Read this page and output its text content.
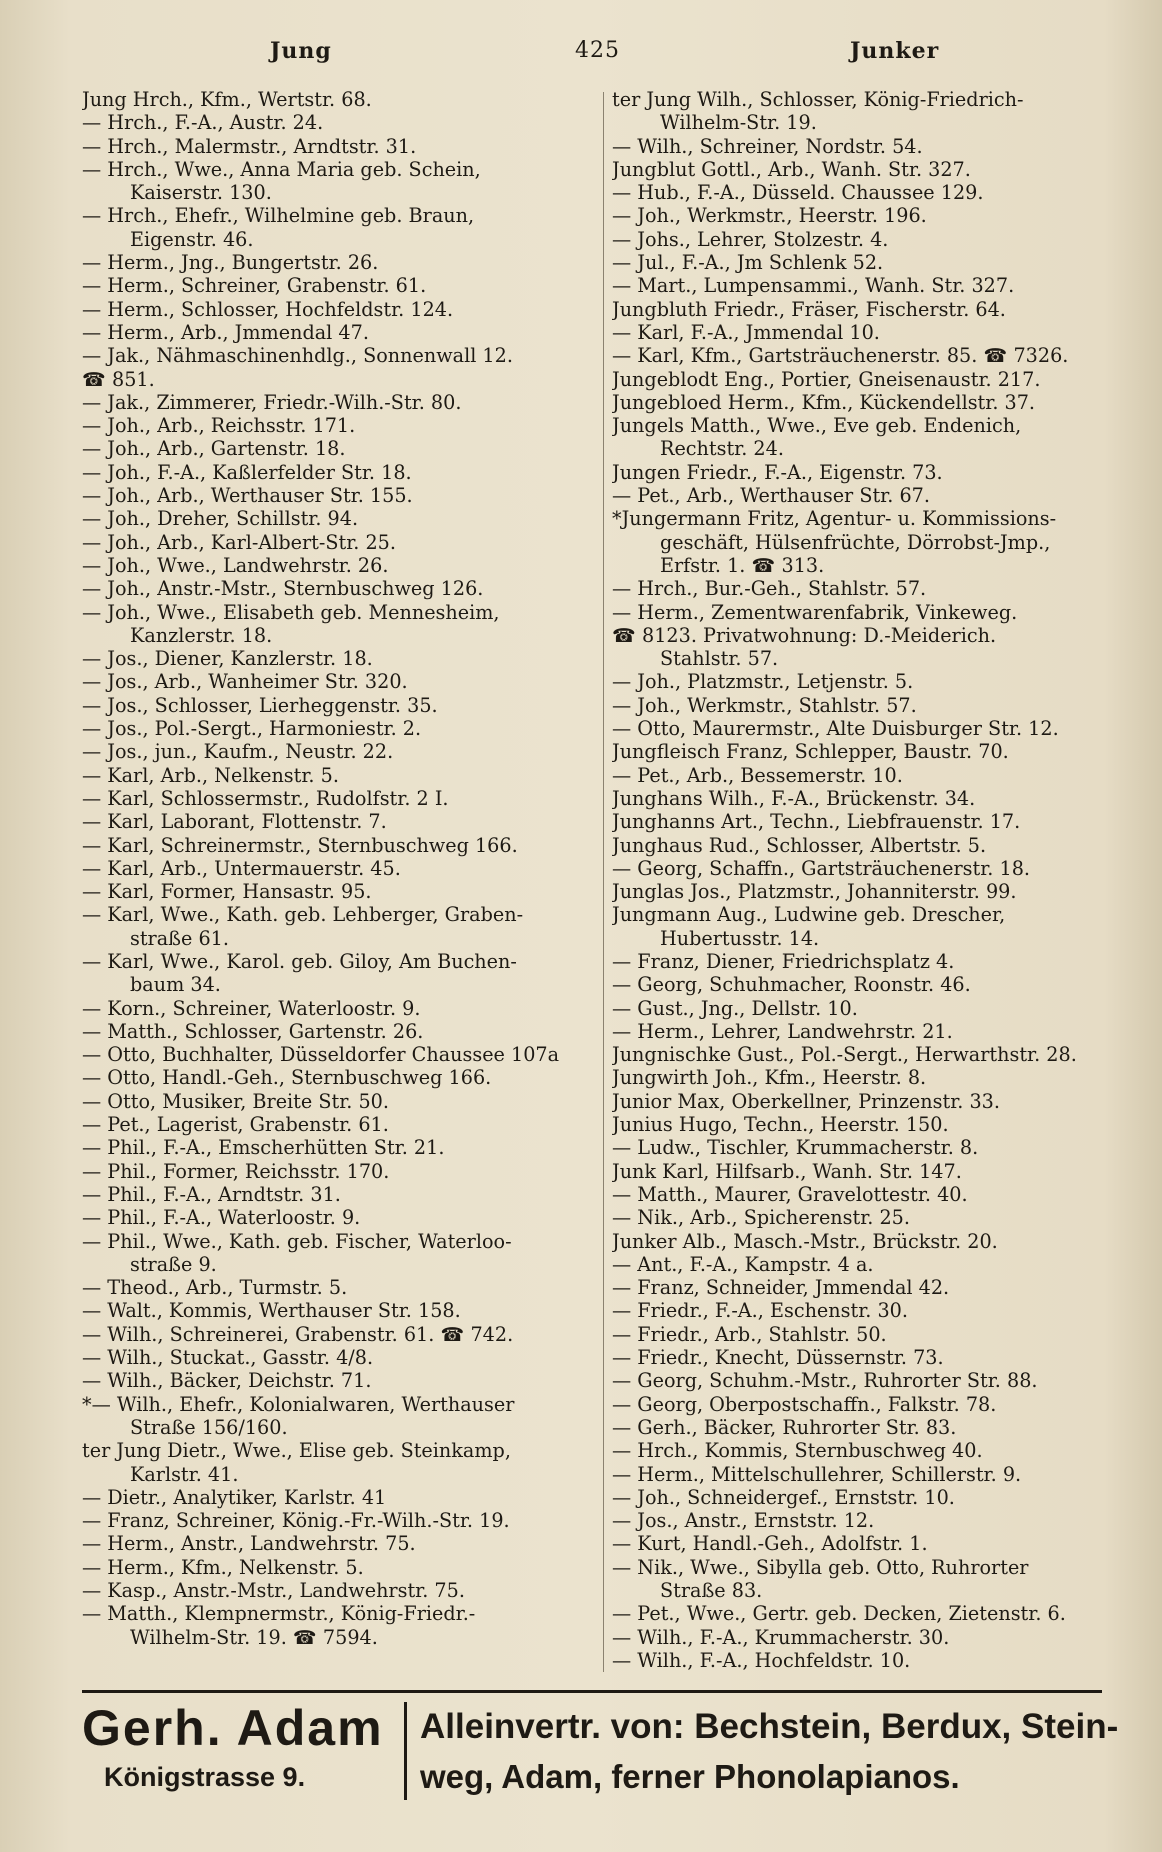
Jung	425	Junker
Jung Hrch., Kfm., Wertstr. 68.
— Hrch., F.-A., Austr. 24.
— Hrch., Malermstr., Arndtstr. 31.
— Hrch., Wwe., Anna Maria geb. Schein,
Kaiserstr. 130.
— Hrch., Ehefr., Wilhelmine geb. Braun,
Eigenstr. 46.
— Herm., Jng., Bungertstr. 26.
— Herm., Schreiner, Grabenstr. 61.
— Herm., Schlosser, Hochfeldstr. 124.
— Herm., Arb., Jmmendal 47.
— Jak., Nähmaschinenhdlg., Sonnenwall 12.
☎ 851.
— Jak., Zimmerer, Friedr.-Wilh.-Str. 80.
— Joh., Arb., Reichsstr. 171.
— Joh., Arb., Gartenstr. 18.
— Joh., F.-A., Kaßlerfelder Str. 18.
— Joh., Arb., Werthauser Str. 155.
— Joh., Dreher, Schillstr. 94.
— Joh., Arb., Karl-Albert-Str. 25.
— Joh., Wwe., Landwehrstr. 26.
— Joh., Anstr.-Mstr., Sternbuschweg 126.
— Joh., Wwe., Elisabeth geb. Mennesheim,
Kanzlerstr. 18.
— Jos., Diener, Kanzlerstr. 18.
— Jos., Arb., Wanheimer Str. 320.
— Jos., Schlosser, Lierheggenstr. 35.
— Jos., Pol.-Sergt., Harmoniestr. 2.
— Jos., jun., Kaufm., Neustr. 22.
— Karl, Arb., Nelkenstr. 5.
— Karl, Schlossermstr., Rudolfstr. 2 I.
— Karl, Laborant, Flottenstr. 7.
— Karl, Schreinermstr., Sternbuschweg 166.
— Karl, Arb., Untermauerstr. 45.
— Karl, Former, Hansastr. 95.
— Karl, Wwe., Kath. geb. Lehberger, Graben-
straße 61.
— Karl, Wwe., Karol. geb. Giloy, Am Buchen-
baum 34.
— Korn., Schreiner, Waterloostr. 9.
— Matth., Schlosser, Gartenstr. 26.
— Otto, Buchhalter, Düsseldorfer Chaussee 107a
— Otto, Handl.-Geh., Sternbuschweg 166.
— Otto, Musiker, Breite Str. 50.
— Pet., Lagerist, Grabenstr. 61.
— Phil., F.-A., Emscherhütten Str. 21.
— Phil., Former, Reichsstr. 170.
— Phil., F.-A., Arndtstr. 31.
— Phil., F.-A., Waterloostr. 9.
— Phil., Wwe., Kath. geb. Fischer, Waterloo-
straße 9.
— Theod., Arb., Turmstr. 5.
— Walt., Kommis, Werthauser Str. 158.
— Wilh., Schreinerei, Grabenstr. 61. ☎ 742.
— Wilh., Stuckat., Gasstr. 4/8.
— Wilh., Bäcker, Deichstr. 71.
*— Wilh., Ehefr., Kolonialwaren, Werthauser
Straße 156/160.
ter Jung Dietr., Wwe., Elise geb. Steinkamp,
Karlstr. 41.
— Dietr., Analytiker, Karlstr. 41
— Franz, Schreiner, König.-Fr.-Wilh.-Str. 19.
— Herm., Anstr., Landwehrstr. 75.
— Herm., Kfm., Nelkenstr. 5.
— Kasp., Anstr.-Mstr., Landwehrstr. 75.
— Matth., Klempnermstr., König-Friedr.-
Wilhelm-Str. 19. ☎ 7594.
ter Jung Wilh., Schlosser, König-Friedrich-
Wilhelm-Str. 19.
— Wilh., Schreiner, Nordstr. 54.
Jungblut Gottl., Arb., Wanh. Str. 327.
— Hub., F.-A., Düsseld. Chaussee 129.
— Joh., Werkmstr., Heerstr. 196.
— Johs., Lehrer, Stolzestr. 4.
— Jul., F.-A., Jm Schlenk 52.
— Mart., Lumpensammi., Wanh. Str. 327.
Jungbluth Friedr., Fräser, Fischerstr. 64.
— Karl, F.-A., Jmmendal 10.
— Karl, Kfm., Gartsträuchenerstr. 85. ☎ 7326.
Jungeblodt Eng., Portier, Gneisenaustr. 217.
Jungebloed Herm., Kfm., Kückendellstr. 37.
Jungels Matth., Wwe., Eve geb. Endenich,
Rechtstr. 24.
Jungen Friedr., F.-A., Eigenstr. 73.
— Pet., Arb., Werthauser Str. 67.
*Jungermann Fritz, Agentur- u. Kommissions-
geschäft, Hülsenfrüchte, Dörrobst-Jmp.,
Erfstr. 1. ☎ 313.
— Hrch., Bur.-Geh., Stahlstr. 57.
— Herm., Zementwarenfabrik, Vinkeweg.
☎ 8123. Privatwohnung: D.-Meiderich.
Stahlstr. 57.
— Joh., Platzmstr., Letjenstr. 5.
— Joh., Werkmstr., Stahlstr. 57.
— Otto, Maurermstr., Alte Duisburger Str. 12.
Jungfleisch Franz, Schlepper, Baustr. 70.
— Pet., Arb., Bessemerstr. 10.
Junghans Wilh., F.-A., Brückenstr. 34.
Junghanns Art., Techn., Liebfrauenstr. 17.
Junghaus Rud., Schlosser, Albertstr. 5.
— Georg, Schaffn., Gartsträuchenerstr. 18.
Junglas Jos., Platzmstr., Johanniterstr. 99.
Jungmann Aug., Ludwine geb. Drescher,
Hubertusstr. 14.
— Franz, Diener, Friedrichsplatz 4.
— Georg, Schuhmacher, Roonstr. 46.
— Gust., Jng., Dellstr. 10.
— Herm., Lehrer, Landwehrstr. 21.
Jungnischke Gust., Pol.-Sergt., Herwarthstr. 28.
Jungwirth Joh., Kfm., Heerstr. 8.
Junior Max, Oberkellner, Prinzenstr. 33.
Junius Hugo, Techn., Heerstr. 150.
— Ludw., Tischler, Krummacherstr. 8.
Junk Karl, Hilfsarb., Wanh. Str. 147.
— Matth., Maurer, Gravelottestr. 40.
— Nik., Arb., Spicherenstr. 25.
Junker Alb., Masch.-Mstr., Brückstr. 20.
— Ant., F.-A., Kampstr. 4 a.
— Franz, Schneider, Jmmendal 42.
— Friedr., F.-A., Eschenstr. 30.
— Friedr., Arb., Stahlstr. 50.
— Friedr., Knecht, Düssernstr. 73.
— Georg, Schuhm.-Mstr., Ruhrorter Str. 88.
— Georg, Oberpostschaffn., Falkstr. 78.
— Gerh., Bäcker, Ruhrorter Str. 83.
— Hrch., Kommis, Sternbuschweg 40.
— Herm., Mittelschullehrer, Schillerstr. 9.
— Joh., Schneidergef., Ernststr. 10.
— Jos., Anstr., Ernststr. 12.
— Kurt, Handl.-Geh., Adolfstr. 1.
— Nik., Wwe., Sibylla geb. Otto, Ruhrorter
Straße 83.
— Pet., Wwe., Gertr. geb. Decken, Zietenstr. 6.
— Wilh., F.-A., Krummacherstr. 30.
— Wilh., F.-A., Hochfeldstr. 10.
Gerh. Adam
Königstrasse 9.
Alleinvertr. von: Bechstein, Berdux, Stein-
weg, Adam, ferner Phonolapianos.
